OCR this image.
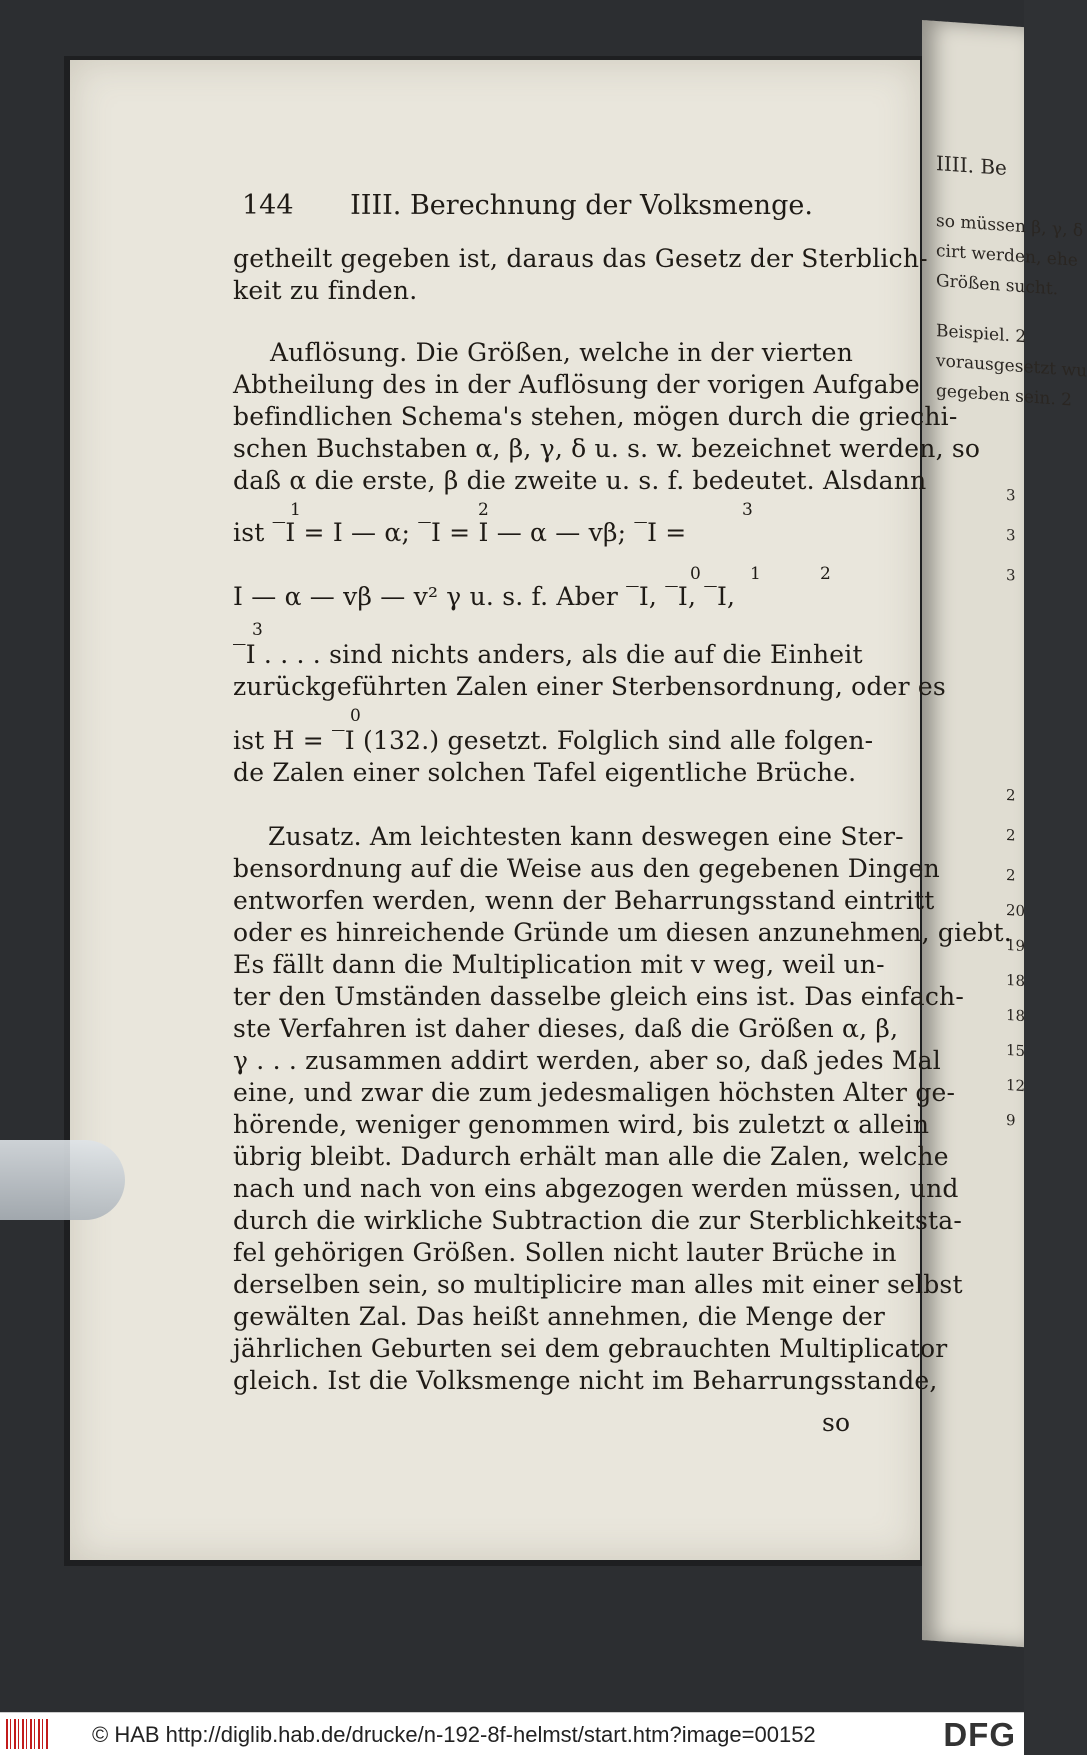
IIII. Be
so müssen β, γ, δ
cirt werden, ehe
Größen sucht.
Beispiel. 2
vorausgesetzt wu
gegeben sein. 2
3
3
3
2
2
2
20
19
18
18
15
12
9
144 IIII. Berechnung der Volksmenge.
getheilt gegeben ist, daraus das Gesetz der Sterblich-
keit zu finden.
Auflösung. Die Größen, welche in der vierten
Abtheilung des in der Auflösung der vorigen Aufgabe
befindlichen Schema's stehen, mögen durch die griechi-
schen Buchstaben α, β, γ, δ u. s. w. bezeichnet werden, so
daß α die erste, β die zweite u. s. f. bedeutet. Alsdann
ist ‾I = I — α; ‾I = I — α — vβ; ‾I =
1	2	3
I — α — vβ — v² γ u. s. f. Aber ‾I, ‾I, ‾I,
0	1	2
‾I . . . . sind nichts anders, als die auf die Einheit
3
zurückgeführten Zalen einer Sterbensordnung, oder es
ist H = ‾I (132.) gesetzt. Folglich sind alle folgen-
0
de Zalen einer solchen Tafel eigentliche Brüche.
Zusatz. Am leichtesten kann deswegen eine Ster-
bensordnung auf die Weise aus den gegebenen Dingen
entworfen werden, wenn der Beharrungsstand eintritt
oder es hinreichende Gründe um diesen anzunehmen, giebt.
Es fällt dann die Multiplication mit v weg, weil un-
ter den Umständen dasselbe gleich eins ist. Das einfach-
ste Verfahren ist daher dieses, daß die Größen α, β,
γ . . . zusammen addirt werden, aber so, daß jedes Mal
eine, und zwar die zum jedesmaligen höchsten Alter ge-
hörende, weniger genommen wird, bis zuletzt α allein
übrig bleibt. Dadurch erhält man alle die Zalen, welche
nach und nach von eins abgezogen werden müssen, und
durch die wirkliche Subtraction die zur Sterblichkeitsta-
fel gehörigen Größen. Sollen nicht lauter Brüche in
derselben sein, so multiplicire man alles mit einer selbst
gewälten Zal. Das heißt annehmen, die Menge der
jährlichen Geburten sei dem gebrauchten Multiplicator
gleich. Ist die Volksmenge nicht im Beharrungsstande,
so
© HAB http://diglib.hab.de/drucke/n-192-8f-helmst/start.htm?image=00152	DFG
